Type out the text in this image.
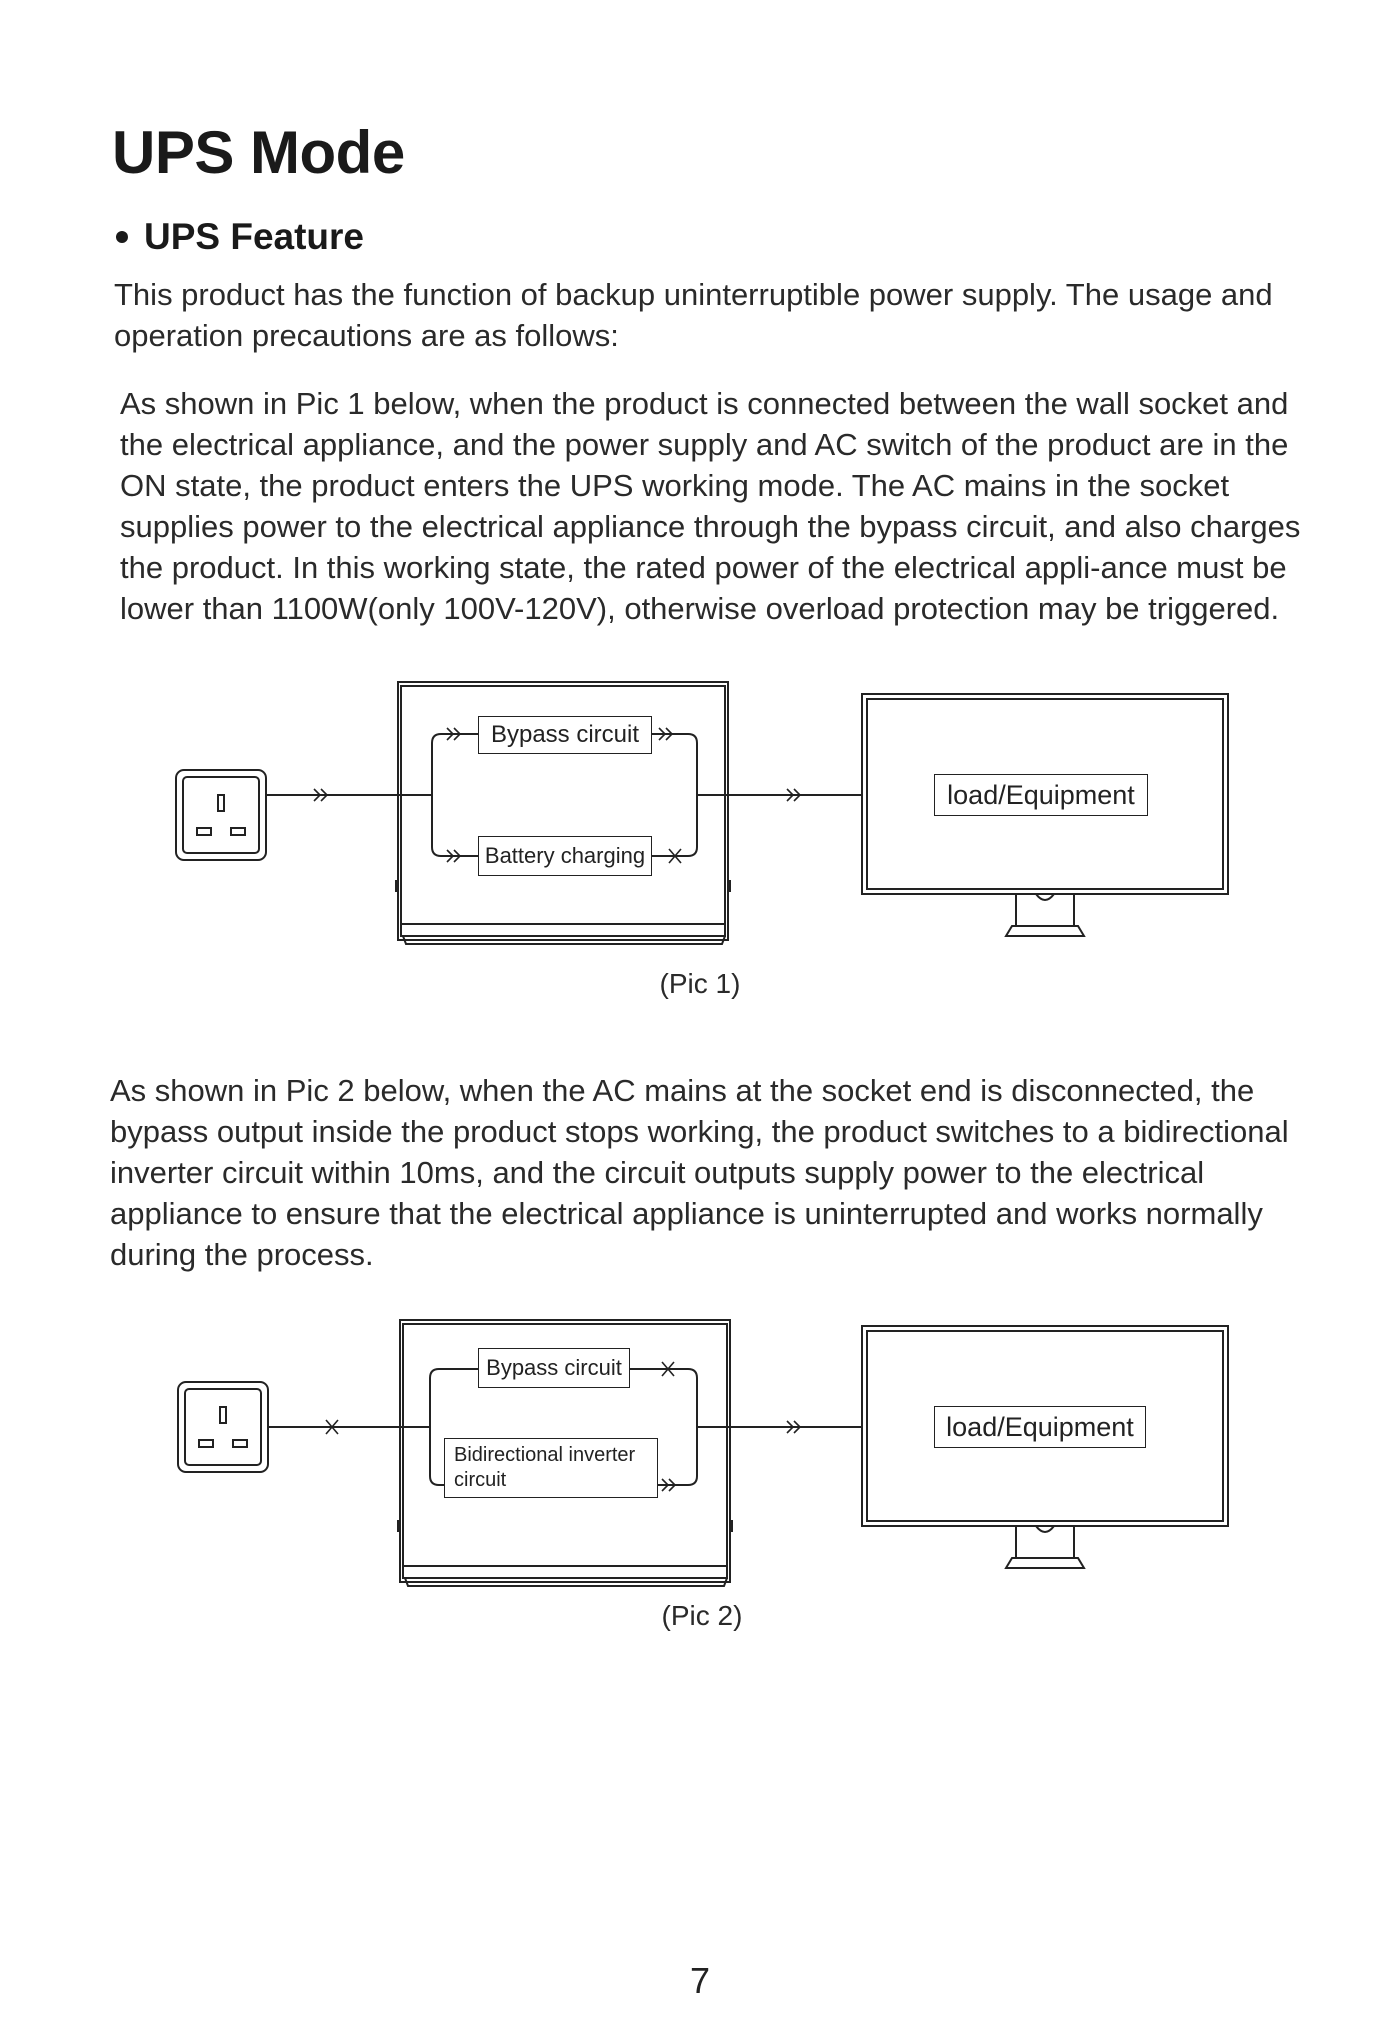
UPS Mode
UPS Feature

This product has the function of backup uninterruptible power supply. The usage and operation precautions are as follows:

As shown in Pic 1 below, when the product is connected between the wall socket and the electrical appliance, and the power supply and AC switch of the product are in the ON state, the product enters the UPS working mode. The AC mains in the socket supplies power to the electrical appliance through the bypass circuit, and also charges the product. In this working state, the rated power of the electrical appli-ance must be lower than 1100W(only 100V-120V), otherwise overload protection may be triggered.

Bypass circuit
Battery charging
load/Equipment
(Pic 1)

As shown in Pic 2 below, when the AC mains at the socket end is disconnected, the bypass output inside the product stops working, the product switches to a bidirectional inverter circuit within 10ms, and the circuit outputs supply power to the electrical appliance to ensure that the electrical appliance is uninterrupted and works normally during the process.

Bypass circuit
Bidirectional inverter
circuit
load/Equipment
(Pic 2)
7
